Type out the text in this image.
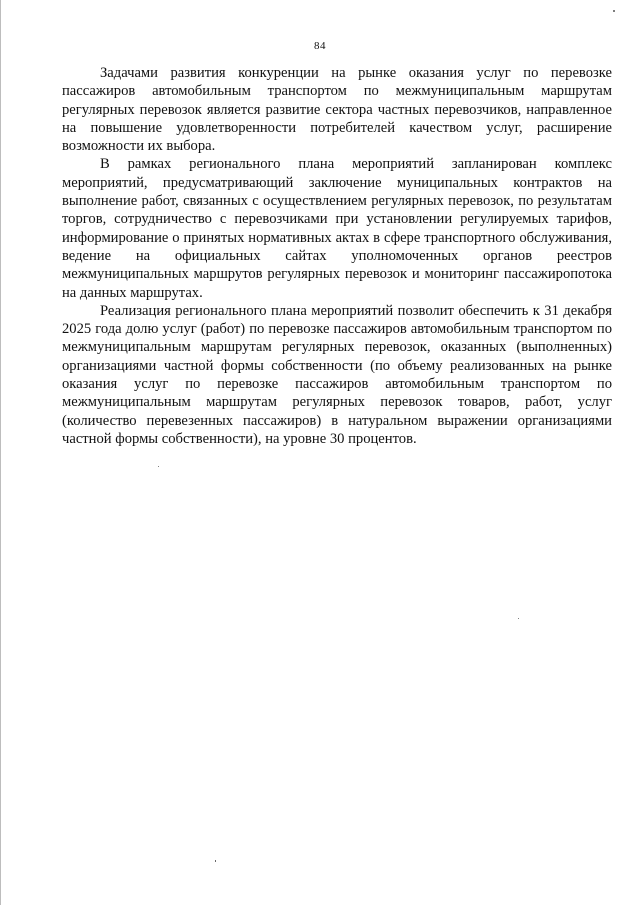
84

Задачами развития конкуренции на рынке оказания услуг по перевозке пассажиров автомобильным транспортом по межмуниципальным маршрутам регулярных перевозок является развитие сектора частных перевозчиков, направленное на повышение удовлетворенности потребителей качеством услуг, расширение возможности их выбора.

В рамках регионального плана мероприятий запланирован комплекс мероприятий, предусматривающий заключение муниципальных контрактов на выполнение работ, связанных с осуществлением регулярных перевозок, по результатам торгов, сотрудничество с перевозчиками при установлении регулируемых тарифов, информирование о принятых нормативных актах в сфере транспортного обслуживания, ведение на официальных сайтах уполномоченных органов реестров межмуниципальных маршрутов регулярных перевозок и мониторинг пассажиропотока на данных маршрутах.

Реализация регионального плана мероприятий позволит обеспечить к 31 декабря 2025 года долю услуг (работ) по перевозке пассажиров автомобильным транспортом по межмуниципальным маршрутам регулярных перевозок, оказанных (выполненных) организациями частной формы собственности (по объему реализованных на рынке оказания услуг по перевозке пассажиров автомобильным транспортом по межмуниципальным маршрутам регулярных перевозок товаров, работ, услуг (количество перевезенных пассажиров) в натуральном выражении организациями частной формы собственности), на уровне 30 процентов.
